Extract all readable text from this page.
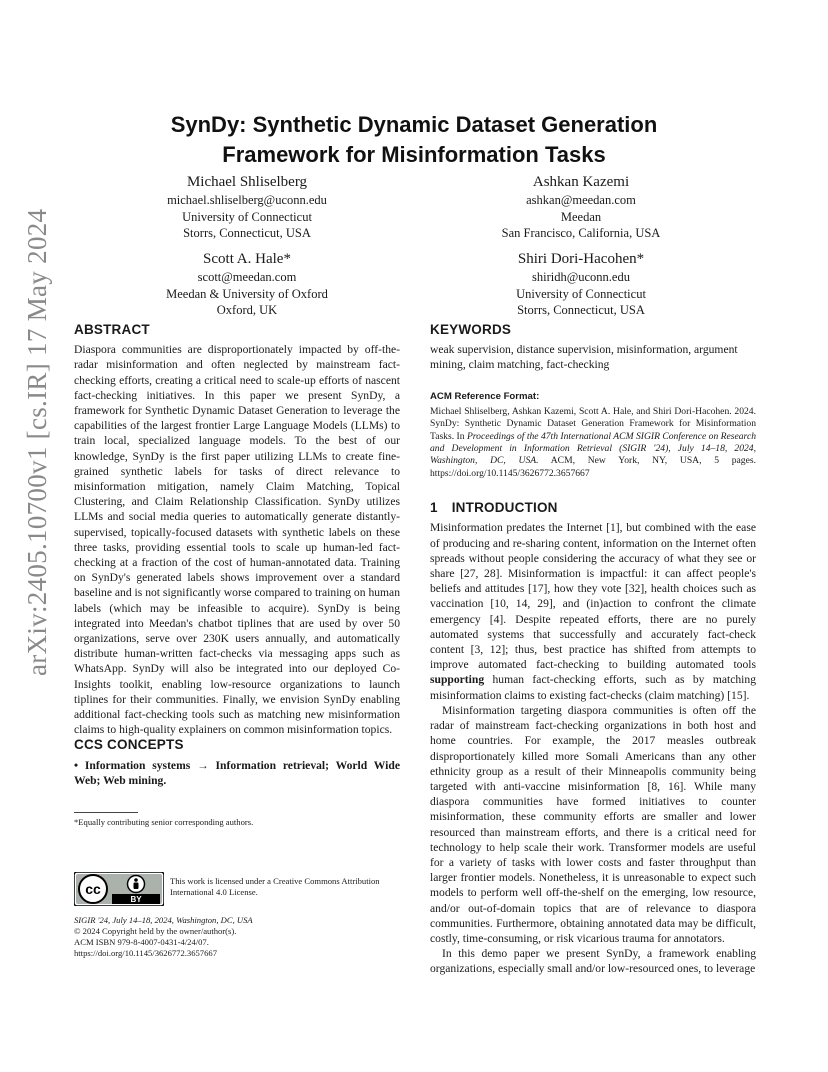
arXiv:2405.10700v1 [cs.IR] 17 May 2024
SynDy: Synthetic Dynamic Dataset Generation
Framework for Misinformation Tasks
Michael Shliselberg
michael.shliselberg@uconn.edu
University of Connecticut
Storrs, Connecticut, USA
Ashkan Kazemi
ashkan@meedan.com
Meedan
San Francisco, California, USA
Scott A. Hale*
scott@meedan.com
Meedan & University of Oxford
Oxford, UK
Shiri Dori-Hacohen*
shiridh@uconn.edu
University of Connecticut
Storrs, Connecticut, USA
ABSTRACT

Diaspora communities are disproportionately impacted by off-the-radar misinformation and often neglected by mainstream fact-checking efforts, creating a critical need to scale-up efforts of nascent fact-checking initiatives. In this paper we present SynDy, a framework for Synthetic Dynamic Dataset Generation to leverage the capabilities of the largest frontier Large Language Models (LLMs) to train local, specialized language models. To the best of our knowledge, SynDy is the first paper utilizing LLMs to create fine-grained synthetic labels for tasks of direct relevance to misinformation mitigation, namely Claim Matching, Topical Clustering, and Claim Relationship Classification. SynDy utilizes LLMs and social media queries to automatically generate distantly-supervised, topically-focused datasets with synthetic labels on these three tasks, providing essential tools to scale up human-led fact-checking at a fraction of the cost of human-annotated data. Training on SynDy's generated labels shows improvement over a standard baseline and is not significantly worse compared to training on human labels (which may be infeasible to acquire). SynDy is being integrated into Meedan's chatbot tiplines that are used by over 50 organizations, serve over 230K users annually, and automatically distribute human-written fact-checks via messaging apps such as WhatsApp. SynDy will also be integrated into our deployed Co-Insights toolkit, enabling low-resource organizations to launch tiplines for their communities. Finally, we envision SynDy enabling additional fact-checking tools such as matching new misinformation claims to high-quality explainers on common misinformation topics.

CCS CONCEPTS

• Information systems → Information retrieval; World Wide Web; Web mining.

*Equally contributing senior corresponding authors.
cc
BY
This work is licensed under a Creative Commons Attribution International 4.0 License.
SIGIR '24, July 14–18, 2024, Washington, DC, USA
© 2024 Copyright held by the owner/author(s).
ACM ISBN 979-8-4007-0431-4/24/07.
https://doi.org/10.1145/3626772.3657667
KEYWORDS

weak supervision, distance supervision, misinformation, argument mining, claim matching, fact-checking

ACM Reference Format:

Michael Shliselberg, Ashkan Kazemi, Scott A. Hale, and Shiri Dori-Hacohen. 2024. SynDy: Synthetic Dynamic Dataset Generation Framework for Misinformation Tasks. In Proceedings of the 47th International ACM SIGIR Conference on Research and Development in Information Retrieval (SIGIR '24), July 14–18, 2024, Washington, DC, USA. ACM, New York, NY, USA, 5 pages. https://doi.org/10.1145/3626772.3657667

1 INTRODUCTION

Misinformation predates the Internet [1], but combined with the ease of producing and re-sharing content, information on the Internet often spreads without people considering the accuracy of what they see or share [27, 28]. Misinformation is impactful: it can affect people's beliefs and attitudes [17], how they vote [32], health choices such as vaccination [10, 14, 29], and (in)action to confront the climate emergency [4]. Despite repeated efforts, there are no purely automated systems that successfully and accurately fact-check content [3, 12]; thus, best practice has shifted from attempts to improve automated fact-checking to building automated tools supporting human fact-checking efforts, such as by matching misinformation claims to existing fact-checks (claim matching) [15].

Misinformation targeting diaspora communities is often off the radar of mainstream fact-checking organizations in both host and home countries. For example, the 2017 measles outbreak disproportionately killed more Somali Americans than any other ethnicity group as a result of their Minneapolis community being targeted with anti-vaccine misinformation [8, 16]. While many diaspora communities have formed initiatives to counter misinformation, these community efforts are smaller and lower resourced than mainstream efforts, and there is a critical need for technology to help scale their work. Transformer models are useful for a variety of tasks with lower costs and faster throughput than larger frontier models. Nonetheless, it is unreasonable to expect such models to perform well off-the-shelf on the emerging, low resource, and/or out-of-domain topics that are of relevance to diaspora communities. Furthermore, obtaining annotated data may be difficult, costly, time-consuming, or risk vicarious trauma for annotators.

In this demo paper we present SynDy, a framework enabling organizations, especially small and/or low-resourced ones, to leverage
